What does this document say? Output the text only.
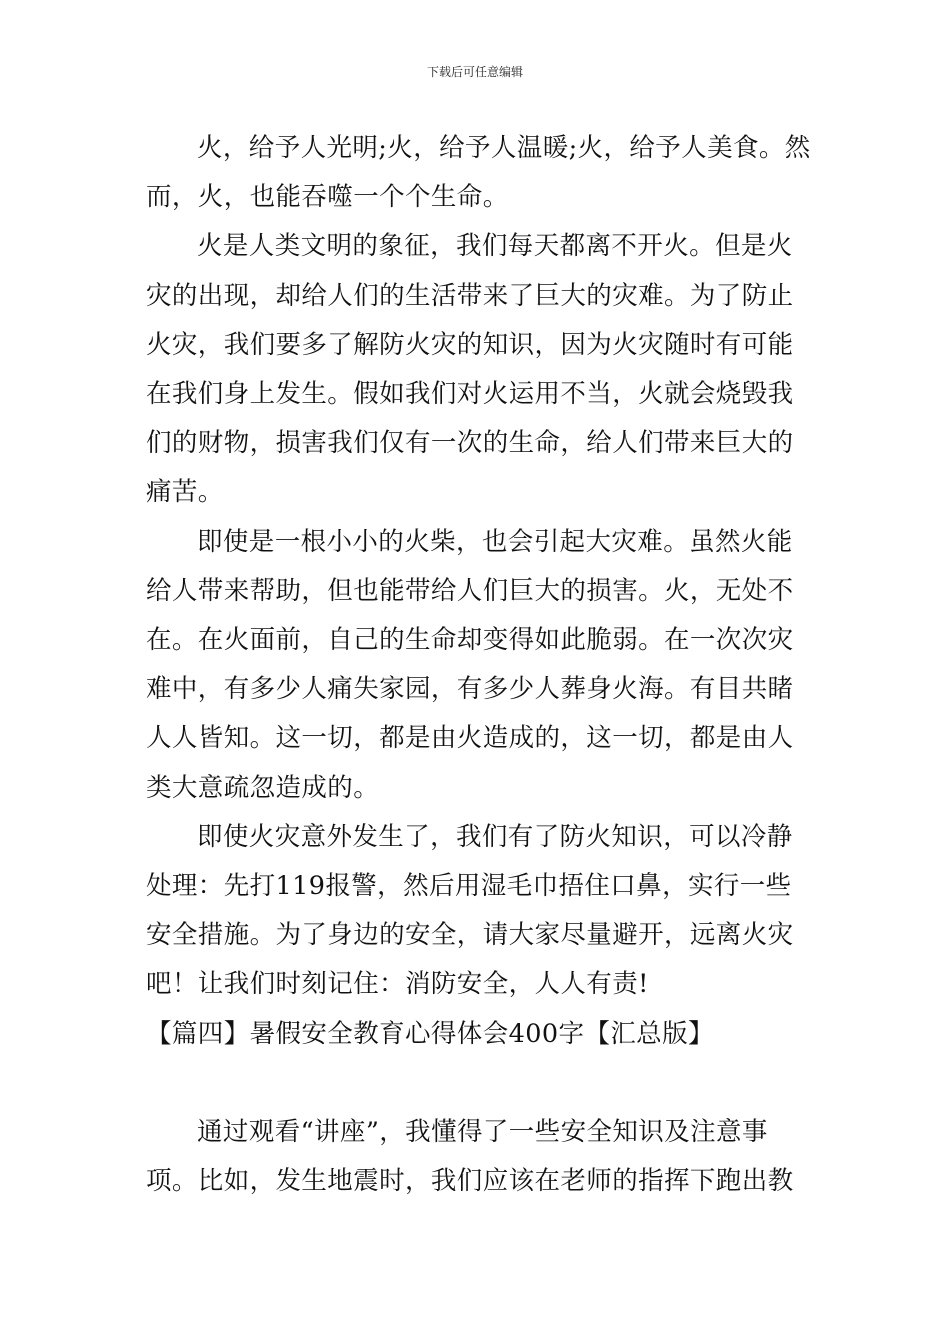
下载后可任意编辑

火，给予人光明;火，给予人温暖;火，给予人美食。然而，火，也能吞噬一个个生命。

火是人类文明的象征，我们每天都离不开火。但是火灾的出现，却给人们的生活带来了巨大的灾难。为了防止火灾，我们要多了解防火灾的知识，因为火灾随时有可能在我们身上发生。假如我们对火运用不当，火就会烧毁我们的财物，损害我们仅有一次的生命，给人们带来巨大的痛苦。

即使是一根小小的火柴，也会引起大灾难。虽然火能给人带来帮助，但也能带给人们巨大的损害。火，无处不在。在火面前，自己的生命却变得如此脆弱。在一次次灾难中，有多少人痛失家园，有多少人葬身火海。有目共睹人人皆知。这一切，都是由火造成的，这一切，都是由人类大意疏忽造成的。

即使火灾意外发生了，我们有了防火知识，可以冷静处理：先打119报警，然后用湿毛巾捂住口鼻，实行一些安全措施。为了身边的安全，请大家尽量避开，远离火灾吧！让我们时刻记住：消防安全，人人有责!

【篇四】暑假安全教育心得体会400字【汇总版】

通过观看“讲座”，我懂得了一些安全知识及注意事项。比如，发生地震时，我们应该在老师的指挥下跑出教
